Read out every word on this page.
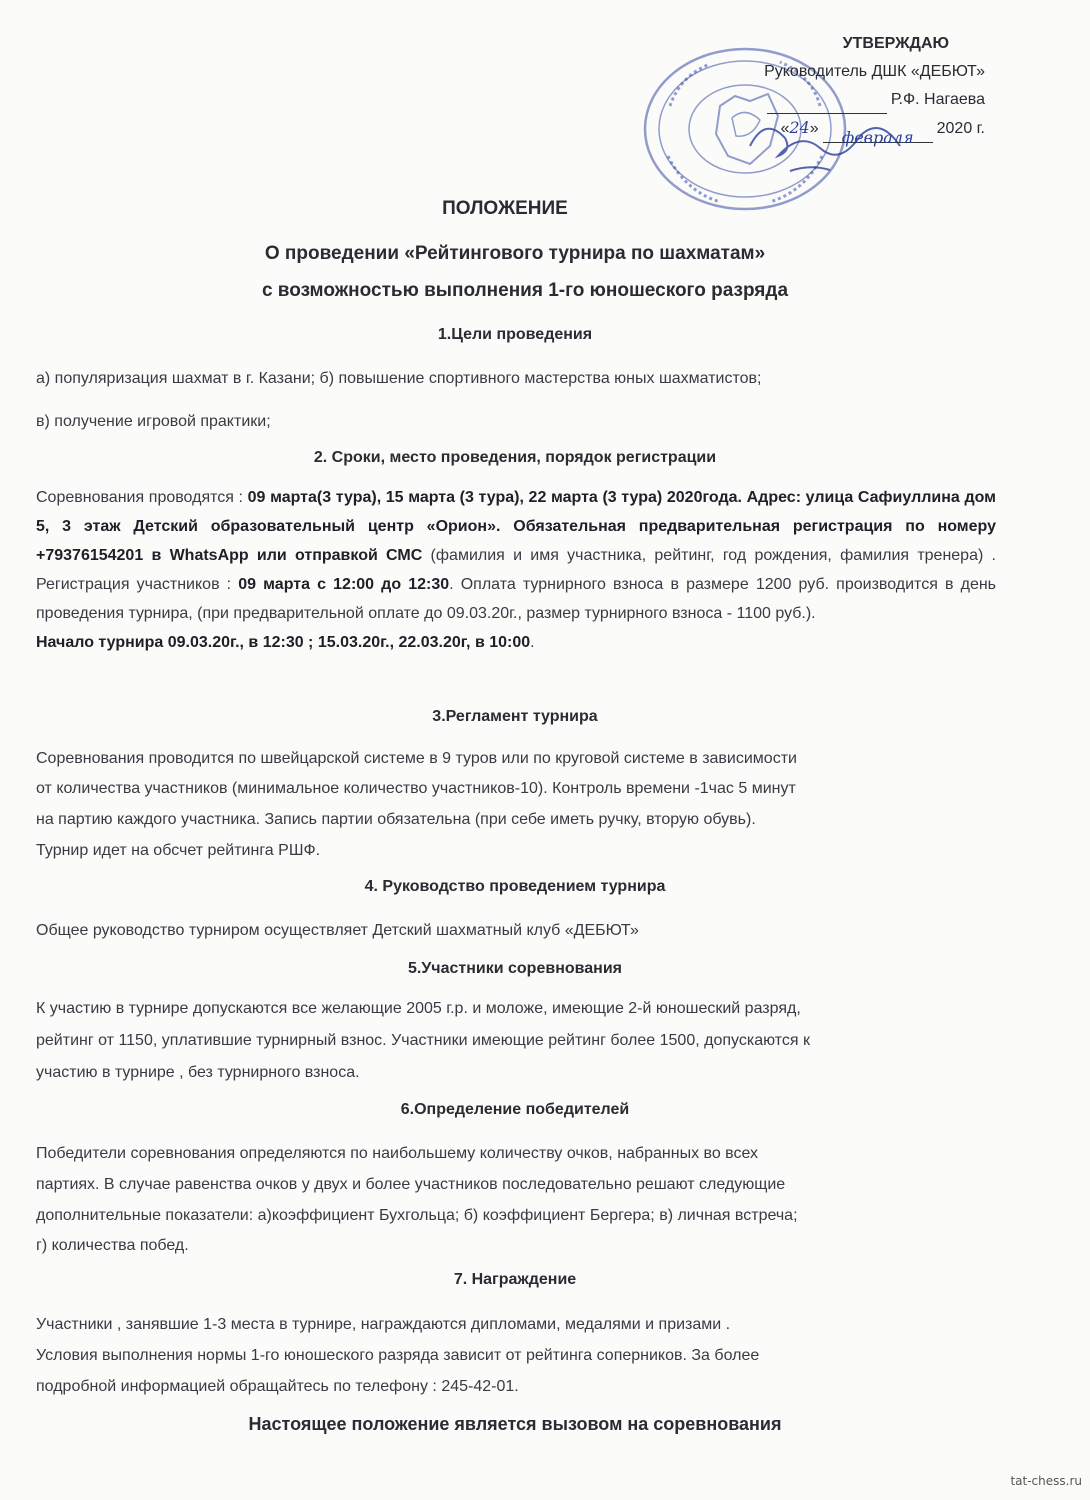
УТВЕРЖДАЮ
Руководитель ДШК «ДЕБЮТ»
Р.Ф. Нагаева
«24» февраля 2020 г.
ПОЛОЖЕНИЕ
О проведении «Рейтингового турнира по шахматам»
с возможностью выполнения 1-го юношеского разряда
1.Цели проведения
а) популяризация шахмат в г. Казани; б) повышение спортивного мастерства юных шахматистов;
в) получение игровой практики;
2. Сроки, место проведения, порядок регистрации
Соревнования проводятся : 09 марта(3 тура), 15 марта (3 тура), 22 марта (3 тура) 2020года. Адрес: улица Сафиуллина дом 5, 3 этаж Детский образовательный центр «Орион». Обязательная предварительная регистрация по номеру +79376154201 в WhatsApp или отправкой СМС (фамилия и имя участника, рейтинг, год рождения, фамилия тренера) . Регистрация участников : 09 марта с 12:00 до 12:30. Оплата турнирного взноса в размере 1200 руб. производится в день проведения турнира, (при предварительной оплате до 09.03.20г., размер турнирного взноса - 1100 руб.).
Начало турнира 09.03.20г., в 12:30 ; 15.03.20г., 22.03.20г, в 10:00.
3.Регламент турнира
Соревнования проводится по швейцарской системе в 9 туров или по круговой системе в зависимости
от количества участников (минимальное количество участников-10). Контроль времени -1час 5 минут
на партию каждого участника. Запись партии обязательна (при себе иметь ручку, вторую обувь).
Турнир идет на обсчет рейтинга РШФ.
4. Руководство проведением турнира
Общее руководство турниром осуществляет Детский шахматный клуб «ДЕБЮТ»
5.Участники соревнования
К участию в турнире допускаются все желающие 2005 г.р. и моложе, имеющие 2-й юношеский разряд,
рейтинг от 1150, уплатившие турнирный взнос. Участники имеющие рейтинг более 1500, допускаются к
участию в турнире , без турнирного взноса.
6.Определение победителей
Победители соревнования определяются по наибольшему количеству очков, набранных во всех
партиях. В случае равенства очков у двух и более участников последовательно решают следующие
дополнительные показатели: а)коэффициент Бухгольца; б) коэффициент Бергера; в) личная встреча;
г) количества побед.
7. Награждение
Участники , занявшие 1-3 места в турнире, награждаются дипломами, медалями и призами .
Условия выполнения нормы 1-го юношеского разряда зависит от рейтинга соперников. За более
подробной информацией обращайтесь по телефону : 245-42-01.
Настоящее положение является вызовом на соревнования
tat-chess.ru
